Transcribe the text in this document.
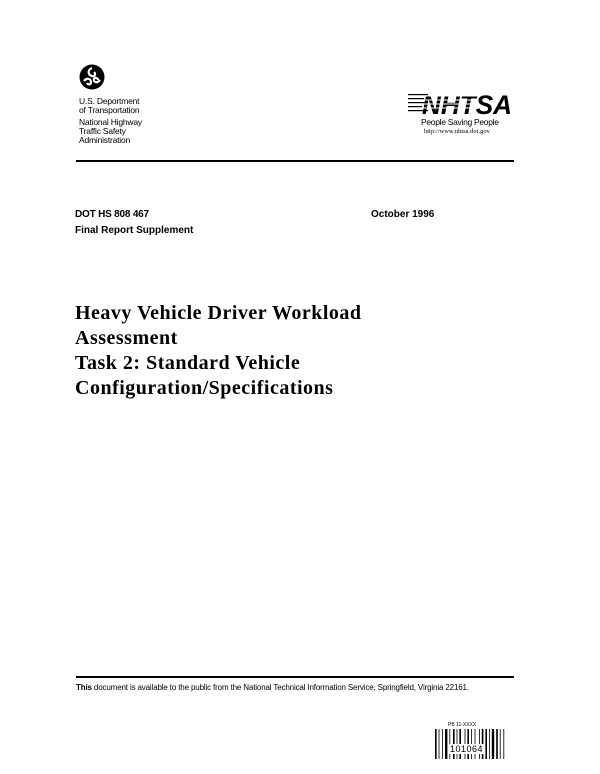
U.S. Deportment
of Transportation
National Highway
Traffic Safety
Administration
NHTSA
People Saving People
http://www.nhtsa.dot.gov
DOT HS 808 467	October 1996
Final Report Supplement
Heavy Vehicle Driver Workload
Assessment
Task 2: Standard Vehicle
Configuration/Specifications
This document is available to the public from the National Technical Information Service, Springfield, Virginia 22161.
PB 11-XXXX
101064
